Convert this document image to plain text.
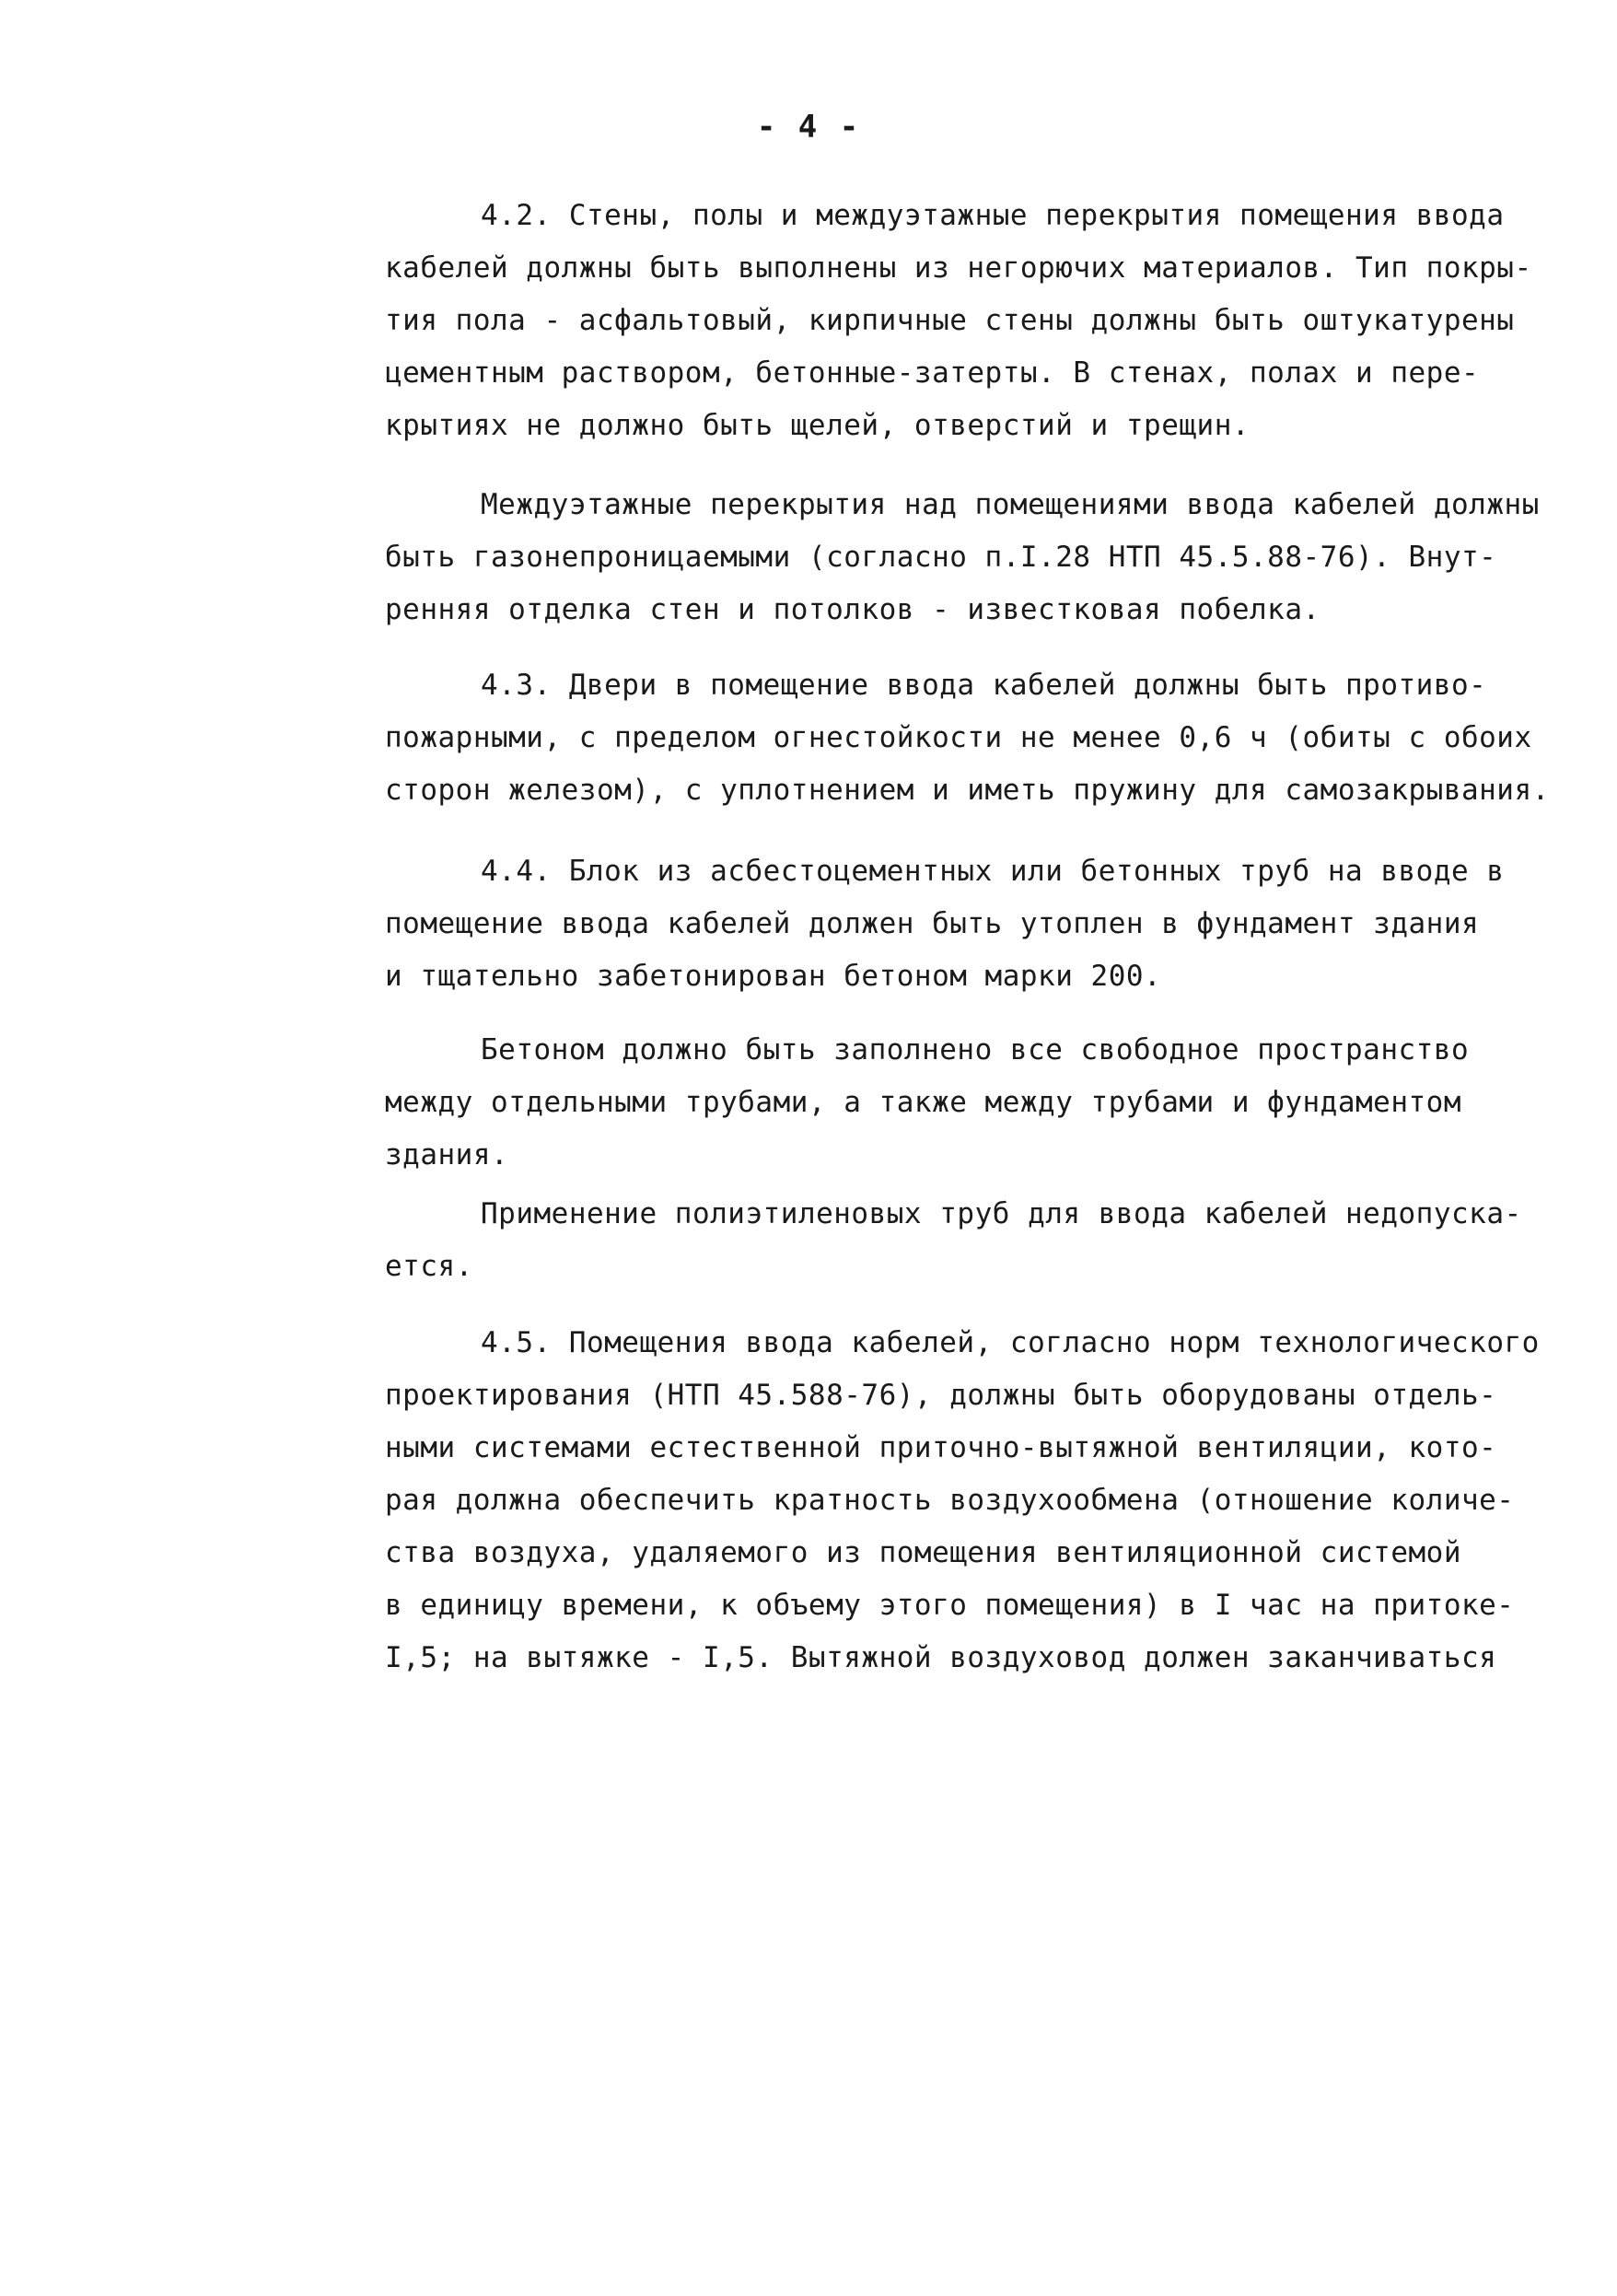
- 4 -
4.2. Стены, полы и междуэтажные перекрытия помещения ввода
кабелей должны быть выполнены из негорючих материалов. Тип покры-
тия пола - асфальтовый, кирпичные стены должны быть оштукатурены
цементным раствором, бетонные-затерты. В стенах, полах и пере-
крытиях не должно быть щелей, отверстий и трещин.
Междуэтажные перекрытия над помещениями ввода кабелей должны
быть газонепроницаемыми (согласно п.I.28 НТП 45.5.88-76). Внут-
ренняя отделка стен и потолков - известковая побелка.
4.3. Двери в помещение ввода кабелей должны быть противо-
пожарными, с пределом огнестойкости не менее 0,6 ч (обиты с обоих
сторон железом), с уплотнением и иметь пружину для самозакрывания.
4.4. Блок из асбестоцементных или бетонных труб на вводе в
помещение ввода кабелей должен быть утоплен в фундамент здания
и тщательно забетонирован бетоном марки 200.
Бетоном должно быть заполнено все свободное пространство
между отдельными трубами, а также между трубами и фундаментом
здания.
Применение полиэтиленовых труб для ввода кабелей недопуска-
ется.
4.5. Помещения ввода кабелей, согласно норм технологического
проектирования (НТП 45.588-76), должны быть оборудованы отдель-
ными системами естественной приточно-вытяжной вентиляции, кото-
рая должна обеспечить кратность воздухообмена (отношение количе-
ства воздуха, удаляемого из помещения вентиляционной системой
в единицу времени, к объему этого помещения) в I час на притоке-
I,5; на вытяжке - I,5. Вытяжной воздуховод должен заканчиваться
